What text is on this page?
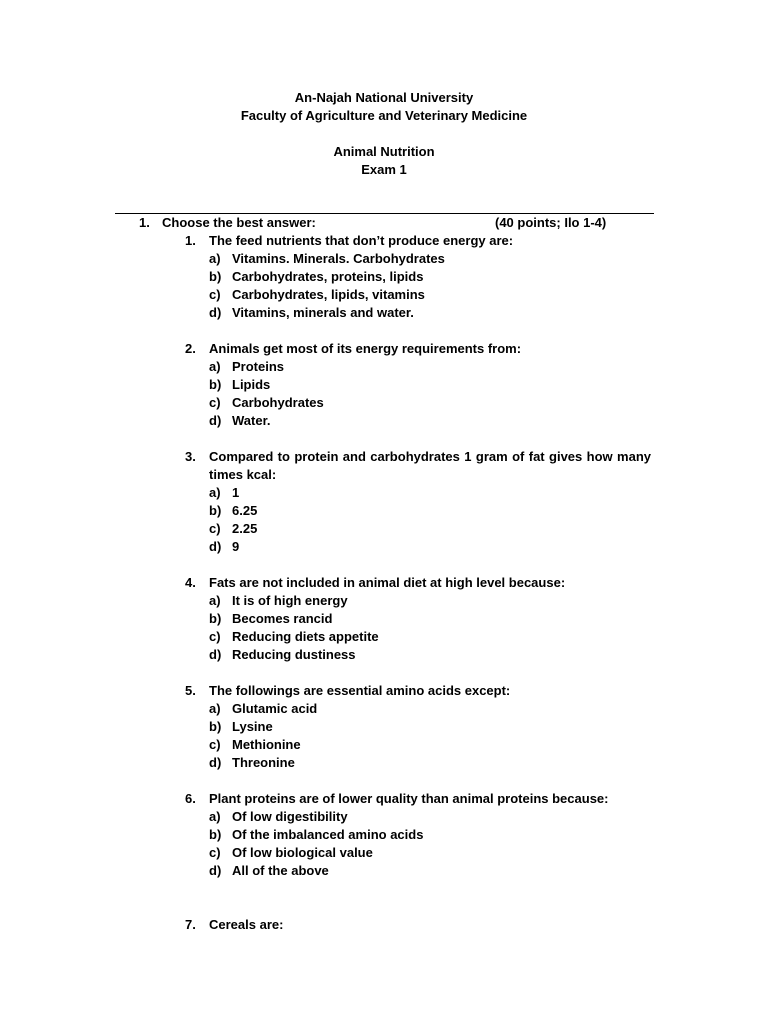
An-Najah National University
Faculty of Agriculture and Veterinary Medicine
Animal Nutrition
Exam 1
1. Choose the best answer:	(40 points; Ilo 1-4)
1. The feed nutrients that don’t produce energy are:
a) Vitamins. Minerals. Carbohydrates
b) Carbohydrates, proteins, lipids
c) Carbohydrates, lipids, vitamins
d) Vitamins, minerals and water.
2. Animals get most of its energy requirements from:
a) Proteins
b) Lipids
c) Carbohydrates
d) Water.
3. Compared to protein and carbohydrates 1 gram of fat gives how many times kcal:
a) 1
b) 6.25
c) 2.25
d) 9
4. Fats are not included in animal diet at high level because:
a) It is of high energy
b) Becomes rancid
c) Reducing diets appetite
d) Reducing dustiness
5. The followings are essential amino acids except:
a) Glutamic acid
b) Lysine
c) Methionine
d) Threonine
6. Plant proteins are of lower quality than animal proteins because:
a) Of low digestibility
b) Of the imbalanced amino acids
c) Of low biological value
d) All of the above
7. Cereals are:
